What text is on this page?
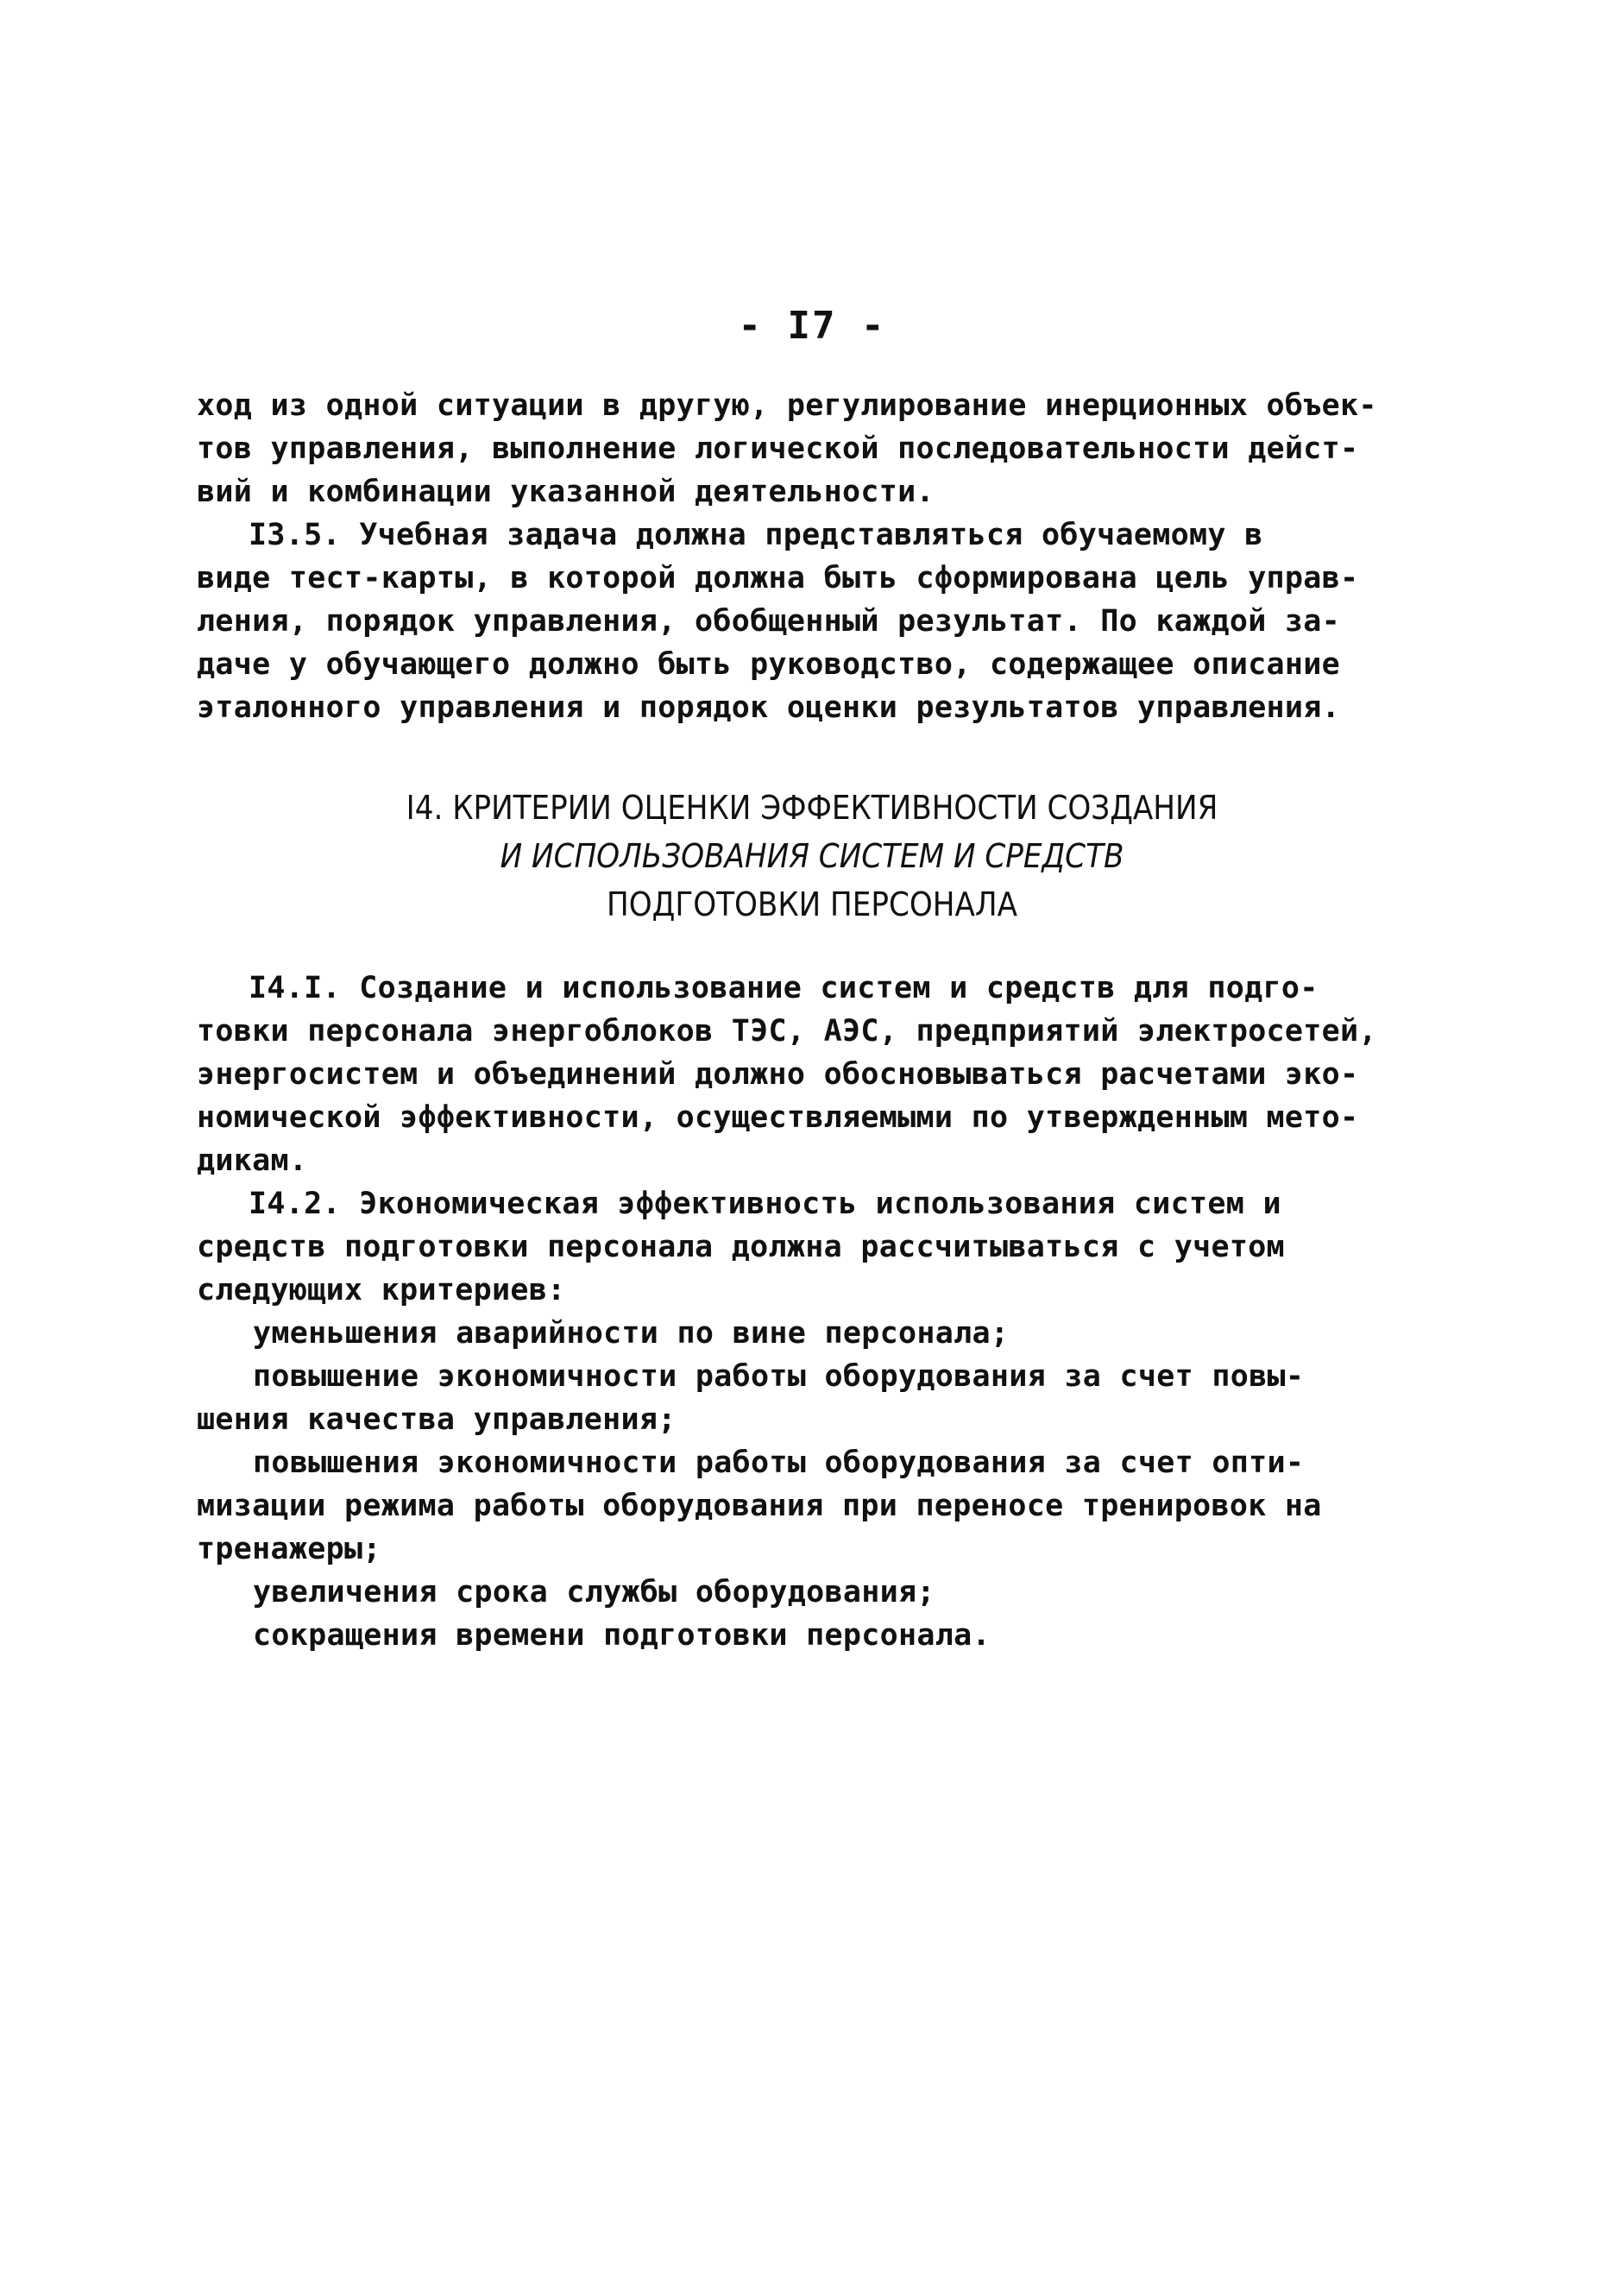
- I7 -
ход из одной ситуации в другую, регулирование инерционных объек-
тов управления, выполнение логической последовательности дейст-
вий и комбинации указанной деятельности.
I3.5. Учебная задача должна представляться обучаемому в
виде тест-карты, в которой должна быть сформирована цель управ-
ления, порядок управления, обобщенный результат. По каждой за-
даче у обучающего должно быть руководство, содержащее описание
эталонного управления и порядок оценки результатов управления.
I4. КРИТЕРИИ ОЦЕНКИ ЭФФЕКТИВНОСТИ СОЗДАНИЯ
И ИСПОЛЬЗОВАНИЯ СИСТЕМ И СРЕДСТВ
ПОДГОТОВКИ ПЕРСОНАЛА
I4.I. Создание и использование систем и средств для подго-
товки персонала энергоблоков ТЭС, АЭС, предприятий электросетей,
энергосистем и объединений должно обосновываться расчетами эко-
номической эффективности, осуществляемыми по утвержденным мето-
дикам.
I4.2. Экономическая эффективность использования систем и
средств подготовки персонала должна рассчитываться с учетом
следующих критериев:
уменьшения аварийности по вине персонала;
повышение экономичности работы оборудования за счет повы-
шения качества управления;
повышения экономичности работы оборудования за счет опти-
мизации режима работы оборудования при переносе тренировок на
тренажеры;
увеличения срока службы оборудования;
сокращения времени подготовки персонала.
